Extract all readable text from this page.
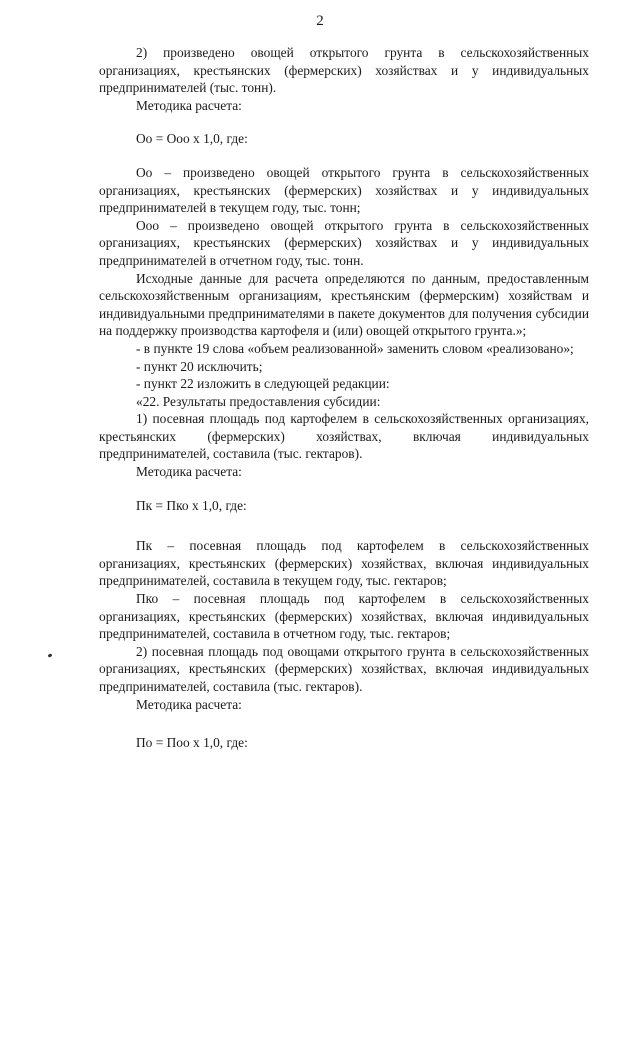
2

2) произведено овощей открытого грунта в сельскохозяйственных организациях, крестьянских (фермерских) хозяйствах и у индивидуальных предпринимателей (тыс. тонн).

Методика расчета:

Оо = Ооо х 1,0, где:

Оо – произведено овощей открытого грунта в сельскохозяйственных организациях, крестьянских (фермерских) хозяйствах и у индивидуальных предпринимателей в текущем году, тыс. тонн;

Ооо – произведено овощей открытого грунта в сельскохозяйственных организациях, крестьянских (фермерских) хозяйствах и у индивидуальных предпринимателей в отчетном году, тыс. тонн.

Исходные данные для расчета определяются по данным, предоставленным сельскохозяйственным организациям, крестьянским (фермерским) хозяйствам и индивидуальными предпринимателями в пакете документов для получения субсидии на поддержку производства картофеля и (или) овощей открытого грунта.»;

- в пункте 19 слова «объем реализованной» заменить словом «реализовано»;

- пункт 20 исключить;

- пункт 22 изложить в следующей редакции:

«22. Результаты предоставления субсидии:

1) посевная площадь под картофелем в сельскохозяйственных организациях, крестьянских (фермерских) хозяйствах, включая индивидуальных предпринимателей, составила (тыс. гектаров).

Методика расчета:

Пк = Пко х 1,0, где:

Пк – посевная площадь под картофелем в сельскохозяйственных организациях, крестьянских (фермерских) хозяйствах, включая индивидуальных предпринимателей, составила в текущем году, тыс. гектаров;

Пко – посевная площадь под картофелем в сельскохозяйственных организациях, крестьянских (фермерских) хозяйствах, включая индивидуальных предпринимателей, составила в отчетном году, тыс. гектаров;

2) посевная площадь под овощами открытого грунта в сельскохозяйственных организациях, крестьянских (фермерских) хозяйствах, включая индивидуальных предпринимателей, составила (тыс. гектаров).

Методика расчета:

По = Поо х 1,0, где:
